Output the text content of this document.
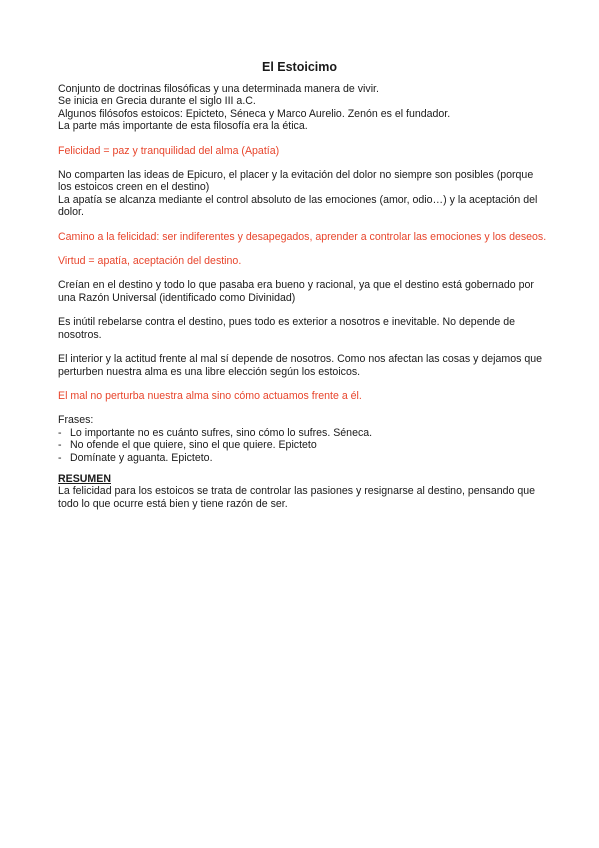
El Estoicimo

Conjunto de doctrinas filosóficas y una determinada manera de vivir.

Se inicia en Grecia durante el siglo III a.C.

Algunos filósofos estoicos: Epicteto, Séneca y Marco Aurelio. Zenón es el fundador.

La parte más importante de esta filosofía era la ética.

Felicidad = paz y tranquilidad del alma (Apatía)

No comparten las ideas de Epicuro, el placer y la evitación del dolor no siempre son posibles (porque los estoicos creen en el destino)

La apatía se alcanza mediante el control absoluto de las emociones (amor, odio…) y la aceptación del dolor.

Camino a la felicidad: ser indiferentes y desapegados, aprender a controlar las emociones y los deseos.

Virtud = apatía, aceptación del destino.

Creían en el destino y todo lo que pasaba era bueno y racional, ya que el destino está gobernado por una Razón Universal (identificado como Divinidad)

Es inútil rebelarse contra el destino, pues todo es exterior a nosotros e inevitable. No depende de nosotros.

El interior y la actitud frente al mal sí depende de nosotros. Como nos afectan las cosas y dejamos que perturben nuestra alma es una libre elección según los estoicos.

El mal no perturba nuestra alma sino cómo actuamos frente a él.

Frases:

- Lo importante no es cuánto sufres, sino cómo lo sufres. Séneca.
- No ofende el que quiere, sino el que quiere. Epicteto
- Domínate y aguanta. Epicteto.

RESUMEN

La felicidad para los estoicos se trata de controlar las pasiones y resignarse al destino, pensando que todo lo que ocurre está bien y tiene razón de ser.
